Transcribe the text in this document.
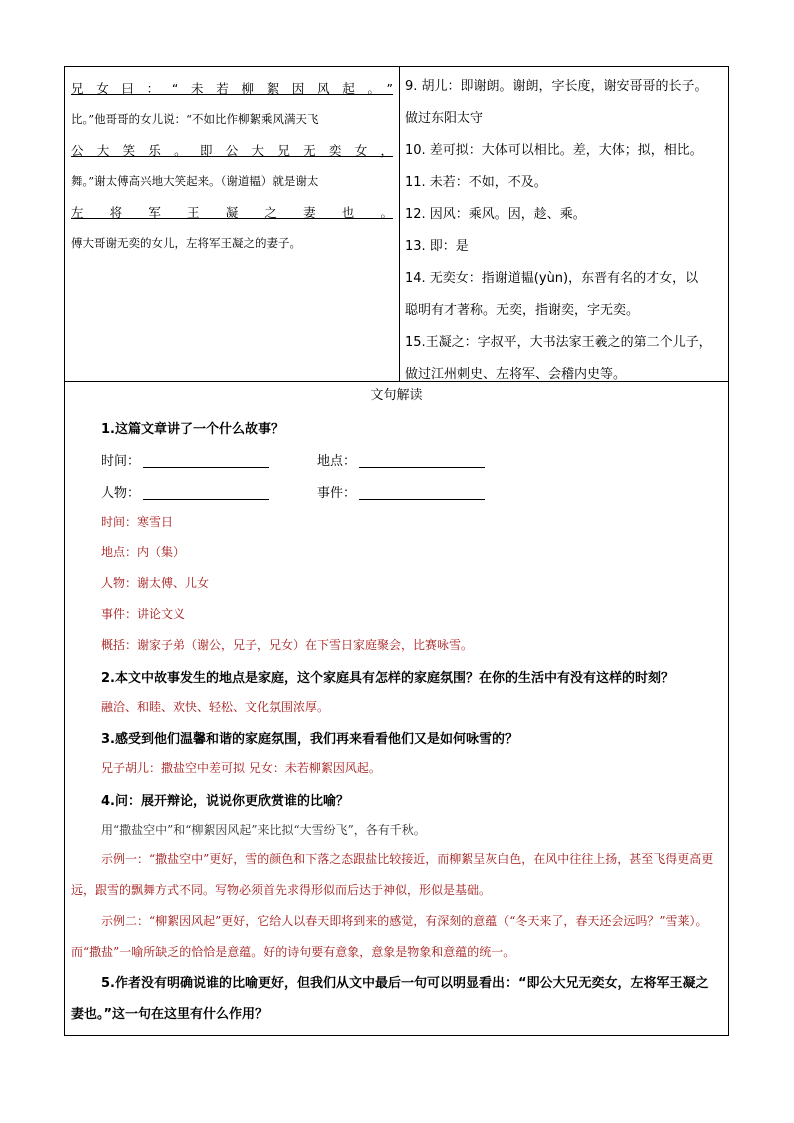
兄女曰：“未若柳絮因风起。”
比。”他哥哥的女儿说：“不如比作柳絮乘风满天飞
公大笑乐。即公大兄无奕女，
舞。”谢太傅高兴地大笑起来。（谢道韫）就是谢太
左将军王凝之妻也。
傅大哥谢无奕的女儿，左将军王凝之的妻子。
9. 胡儿：即谢朗。谢朗，字长度，谢安哥哥的长子。
做过东阳太守
10. 差可拟：大体可以相比。差，大体；拟，相比。
11. 未若：不如，不及。
12. 因风：乘风。因，趁、乘。
13. 即：是
14. 无奕女：指谢道韫(yùn)，东晋有名的才女，以
聪明有才著称。无奕，指谢奕，字无奕。
15.王凝之：字叔平，大书法家王羲之的第二个儿子，
做过江州刺史、左将军、会稽内史等。
文句解读
1.这篇文章讲了一个什么故事？
时间：	地点：
人物：	事件：
时间：寒雪日
地点：内（集）
人物：谢太傅、儿女
事件：讲论文义
概括：谢家子弟（谢公，兄子，兄女）在下雪日家庭聚会，比赛咏雪。
2.本文中故事发生的地点是家庭，这个家庭具有怎样的家庭氛围？在你的生活中有没有这样的时刻？
融洽、和睦、欢快、轻松、文化氛围浓厚。
3.感受到他们温馨和谐的家庭氛围，我们再来看看他们又是如何咏雪的？
兄子胡儿：撒盐空中差可拟 兄女：未若柳絮因风起。
4.问：展开辩论，说说你更欣赏谁的比喻？
用“撒盐空中”和“柳絮因风起”来比拟“大雪纷飞”，各有千秋。
示例一：“撒盐空中”更好，雪的颜色和下落之态跟盐比较接近，而柳絮呈灰白色，在风中往往上扬，甚至飞得更高更远，跟雪的飘舞方式不同。写物必须首先求得形似而后达于神似，形似是基础。
示例二：“柳絮因风起”更好，它给人以春天即将到来的感觉，有深刻的意蕴（“冬天来了，春天还会远吗？”雪莱）。而“撒盐”一喻所缺乏的恰恰是意蕴。好的诗句要有意象，意象是物象和意蕴的统一。
5.作者没有明确说谁的比喻更好，但我们从文中最后一句可以明显看出：“即公大兄无奕女，左将军王凝之妻也。”这一句在这里有什么作用？
